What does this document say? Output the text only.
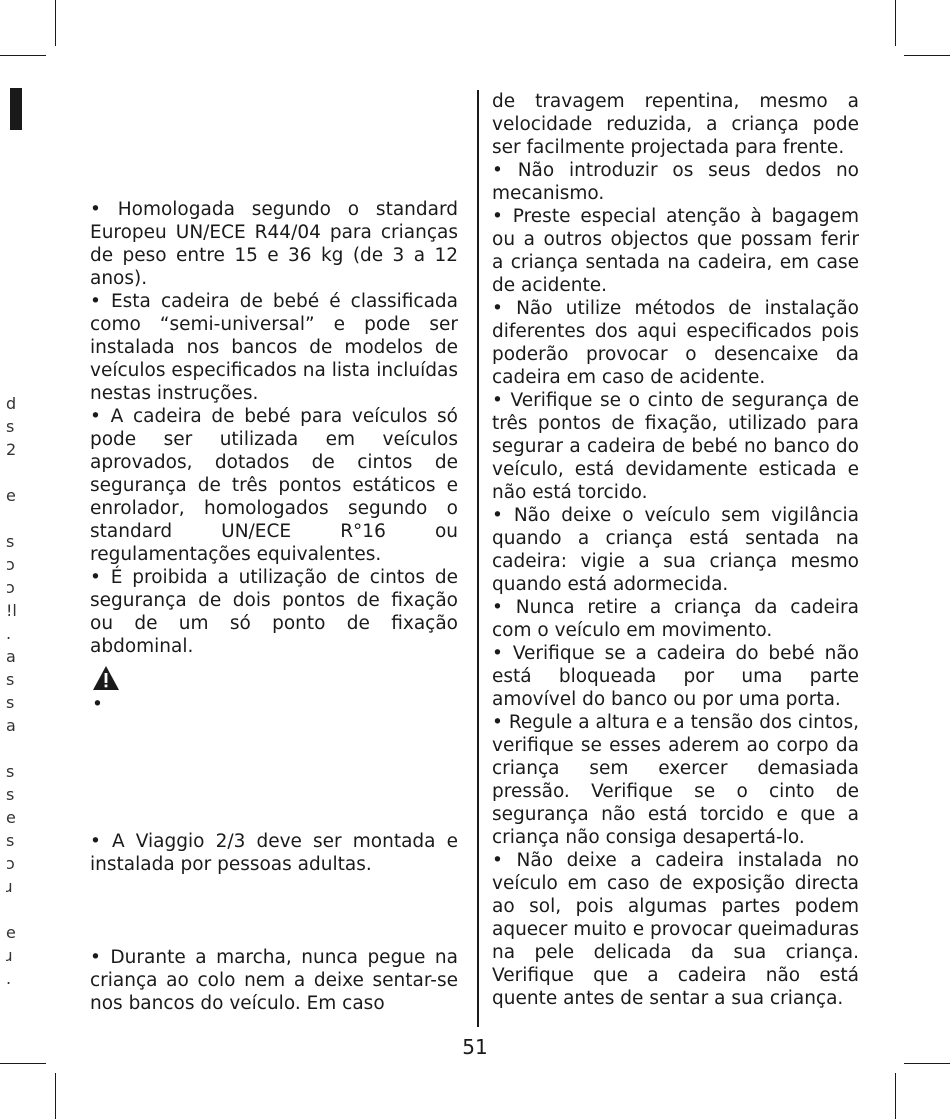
d
s
2
e
s
ɔ
ɔ
!l
.
a
s
s
a
s
s
e
s
ɔ
ɹ
e
ɹ
.

• Homologada segundo o standard Europeu UN/ECE R44/04 para crianças de peso entre 15 e 36 kg (de 3 a 12 anos).

• Esta cadeira de bebé é classificada como “semi-universal” e pode ser instalada nos bancos de modelos de veículos especificados na lista incluídas nestas instruções.

• A cadeira de bebé para veículos só pode ser utilizada em veículos aprovados, dotados de cintos de segurança de três pontos estáticos e enrolador, homologados segundo o standard UN/ECE R°16 ou regulamentações equivalentes.

• É proibida a utilização de cintos de segurança de dois pontos de fixação ou de um só ponto de fixação abdominal.

•

• A Viaggio 2/3 deve ser montada e instalada por pessoas adultas.

• Durante a marcha, nunca pegue na criança ao colo nem a deixe sentar-se nos bancos do veículo. Em caso

de travagem repentina, mesmo a velocidade reduzida, a criança pode ser facilmente projectada para frente.

• Não introduzir os seus dedos no mecanismo.

• Preste especial atenção à bagagem ou a outros objectos que possam ferir a criança sentada na cadeira, em case de acidente.

• Não utilize métodos de instalação diferentes dos aqui especificados pois poderão provocar o desencaixe da cadeira em caso de acidente.

• Verifique se o cinto de segurança de três pontos de fixação, utilizado para segurar a cadeira de bebé no banco do veículo, está devidamente esticada e não está torcido.

• Não deixe o veículo sem vigilância quando a criança está sentada na cadeira: vigie a sua criança mesmo quando está adormecida.

• Nunca retire a criança da cadeira com o veículo em movimento.

• Verifique se a cadeira do bebé não está bloqueada por uma parte amovível do banco ou por uma porta.

• Regule a altura e a tensão dos cintos, verifique se esses aderem ao corpo da criança sem exercer demasiada pressão. Verifique se o cinto de segurança não está torcido e que a criança não consiga desapertá-lo.

• Não deixe a cadeira instalada no veículo em caso de exposição directa ao sol, pois algumas partes podem aquecer muito e provocar queimaduras na pele delicada da sua criança. Verifique que a cadeira não está quente antes de sentar a sua criança.

51
